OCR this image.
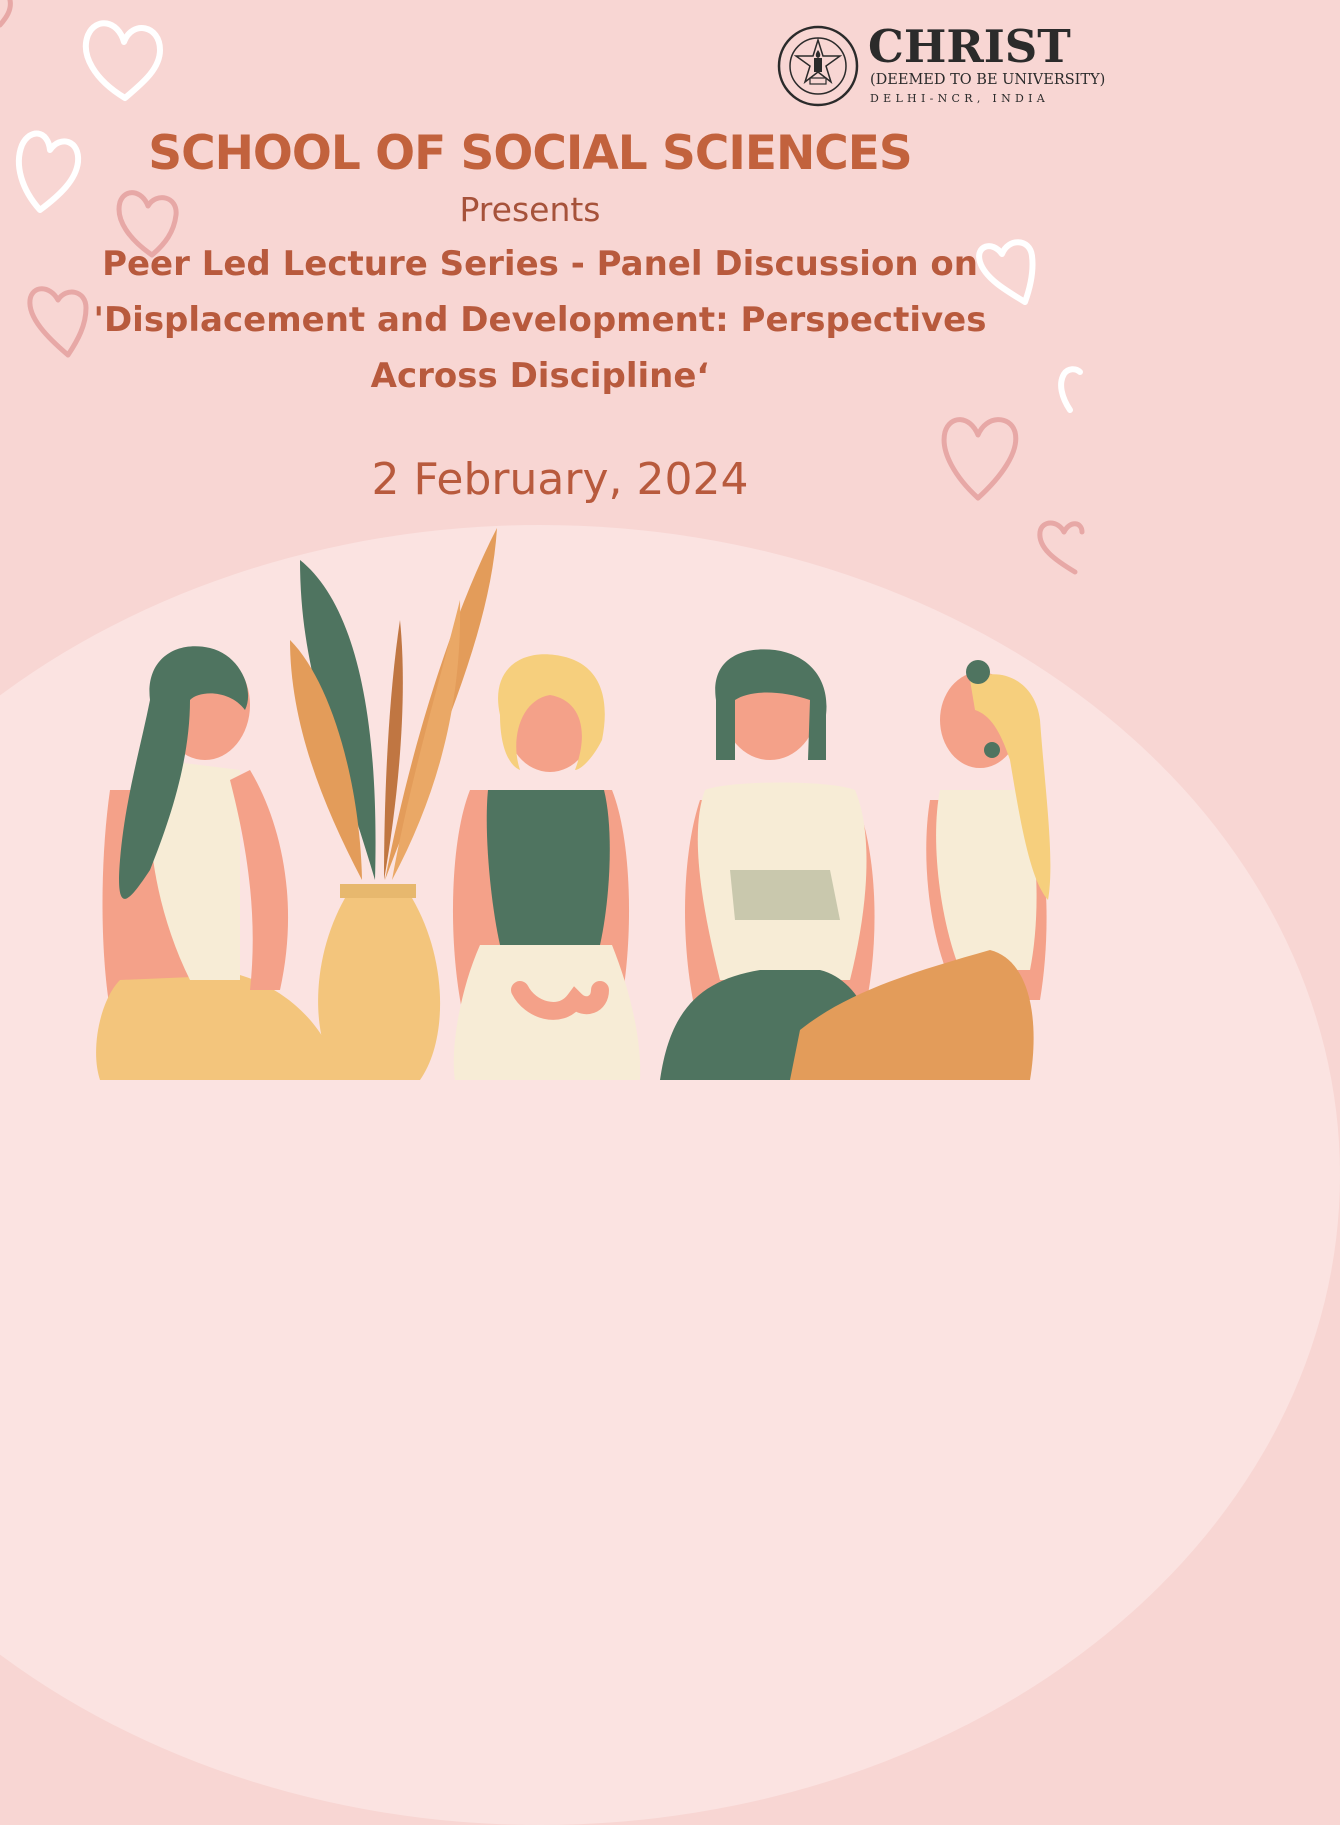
CHRIST
(DEEMED TO BE UNIVERSITY)
DELHI-NCR, INDIA
SCHOOL OF SOCIAL SCIENCES
Presents
Peer Led Lecture Series - Panel Discussion on
'Displacement and Development: Perspectives
Across Discipline‘
2 February, 2024
